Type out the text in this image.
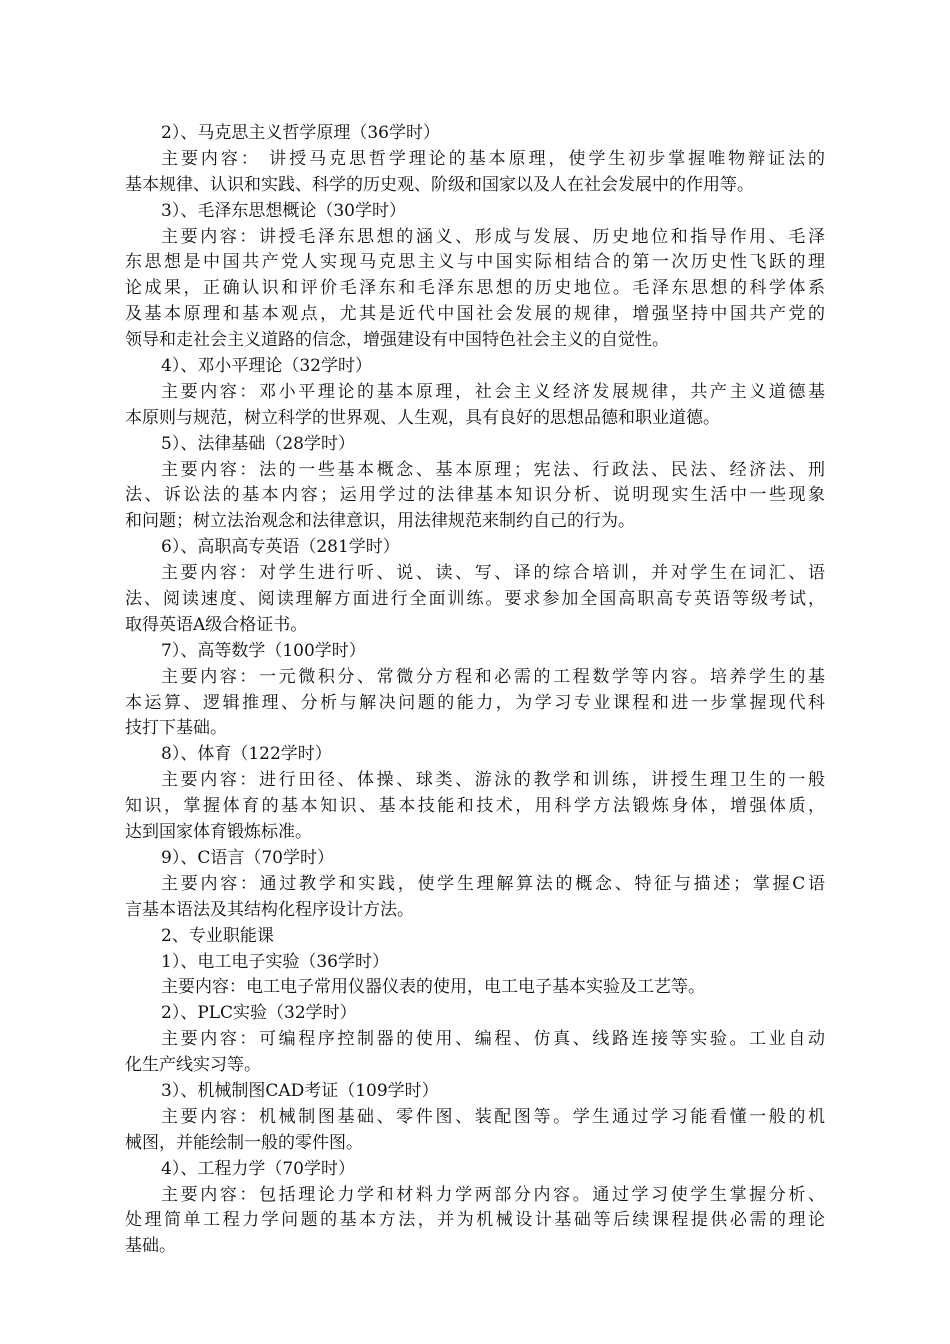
2）、马克思主义哲学原理（36学时）
主要内容： 讲授马克思哲学理论的基本原理，使学生初步掌握唯物辩证法的
基本规律、认识和实践、科学的历史观、阶级和国家以及人在社会发展中的作用等。
3）、毛泽东思想概论（30学时）
主要内容：讲授毛泽东思想的涵义、形成与发展、历史地位和指导作用、毛泽
东思想是中国共产党人实现马克思主义与中国实际相结合的第一次历史性飞跃的理
论成果，正确认识和评价毛泽东和毛泽东思想的历史地位。毛泽东思想的科学体系
及基本原理和基本观点，尤其是近代中国社会发展的规律，增强坚持中国共产党的
领导和走社会主义道路的信念，增强建设有中国特色社会主义的自觉性。
4）、邓小平理论（32学时）
主要内容：邓小平理论的基本原理，社会主义经济发展规律，共产主义道德基
本原则与规范，树立科学的世界观、人生观，具有良好的思想品德和职业道德。
5）、法律基础（28学时）
主要内容：法的一些基本概念、基本原理；宪法、行政法、民法、经济法、刑
法、诉讼法的基本内容；运用学过的法律基本知识分析、说明现实生活中一些现象
和问题；树立法治观念和法律意识，用法律规范来制约自己的行为。
6）、高职高专英语（281学时）
主要内容：对学生进行听、说、读、写、译的综合培训，并对学生在词汇、语
法、阅读速度、阅读理解方面进行全面训练。要求参加全国高职高专英语等级考试，
取得英语A级合格证书。
7）、高等数学（100学时）
主要内容：一元微积分、常微分方程和必需的工程数学等内容。培养学生的基
本运算、逻辑推理、分析与解决问题的能力，为学习专业课程和进一步掌握现代科
技打下基础。
8）、体育（122学时）
主要内容：进行田径、体操、球类、游泳的教学和训练，讲授生理卫生的一般
知识，掌握体育的基本知识、基本技能和技术，用科学方法锻炼身体，增强体质，
达到国家体育锻炼标准。
9）、C语言（70学时）
主要内容：通过教学和实践，使学生理解算法的概念、特征与描述；掌握C语
言基本语法及其结构化程序设计方法。
2、专业职能课
1）、电工电子实验（36学时）
主要内容：电工电子常用仪器仪表的使用，电工电子基本实验及工艺等。
2）、PLC实验（32学时）
主要内容：可编程序控制器的使用、编程、仿真、线路连接等实验。工业自动
化生产线实习等。
3）、机械制图CAD考证（109学时）
主要内容：机械制图基础、零件图、装配图等。学生通过学习能看懂一般的机
械图，并能绘制一般的零件图。
4）、工程力学（70学时）
主要内容：包括理论力学和材料力学两部分内容。通过学习使学生掌握分析、
处理简单工程力学问题的基本方法，并为机械设计基础等后续课程提供必需的理论
基础。
